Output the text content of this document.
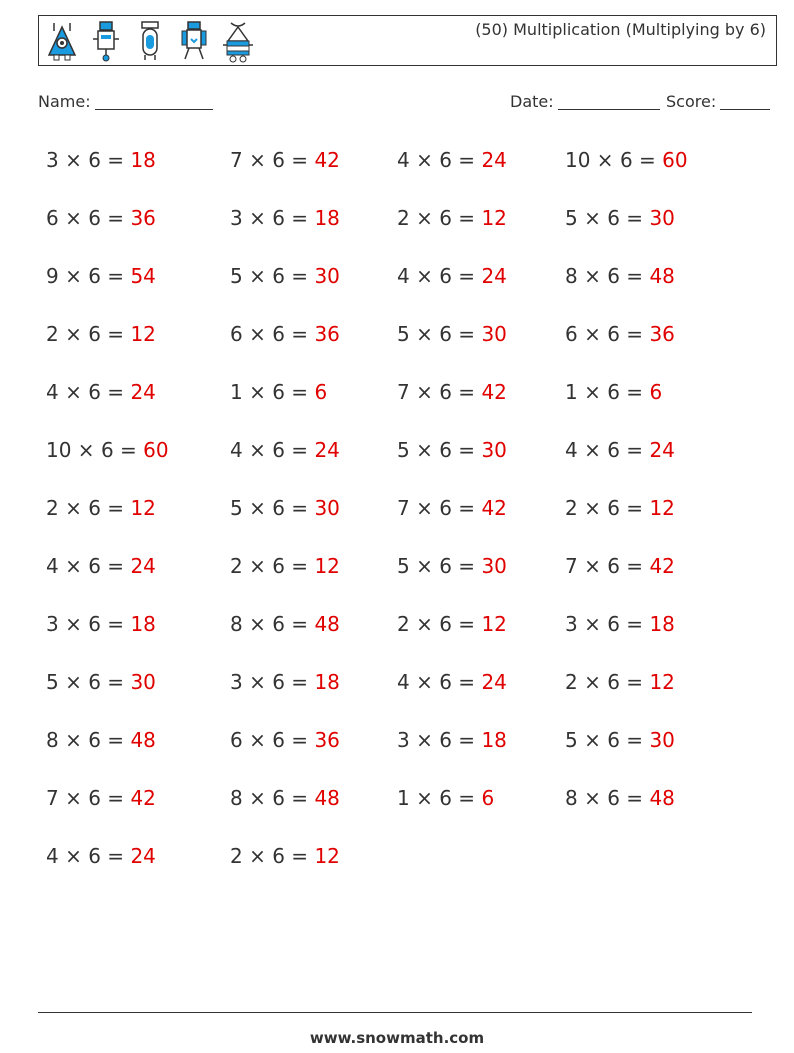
(50) Multiplication (Multiplying by 6)
Name:	Date:	Score:
3 × 6 = 18
6 × 6 = 36
9 × 6 = 54
2 × 6 = 12
4 × 6 = 24
10 × 6 = 60
2 × 6 = 12
4 × 6 = 24
3 × 6 = 18
5 × 6 = 30
8 × 6 = 48
7 × 6 = 42
4 × 6 = 24
7 × 6 = 42
3 × 6 = 18
5 × 6 = 30
6 × 6 = 36
1 × 6 = 6
4 × 6 = 24
5 × 6 = 30
2 × 6 = 12
8 × 6 = 48
3 × 6 = 18
6 × 6 = 36
8 × 6 = 48
2 × 6 = 12
4 × 6 = 24
2 × 6 = 12
4 × 6 = 24
5 × 6 = 30
7 × 6 = 42
5 × 6 = 30
7 × 6 = 42
5 × 6 = 30
2 × 6 = 12
4 × 6 = 24
3 × 6 = 18
1 × 6 = 6
10 × 6 = 60
5 × 6 = 30
8 × 6 = 48
6 × 6 = 36
1 × 6 = 6
4 × 6 = 24
2 × 6 = 12
7 × 6 = 42
3 × 6 = 18
2 × 6 = 12
5 × 6 = 30
8 × 6 = 48
www.snowmath.com
